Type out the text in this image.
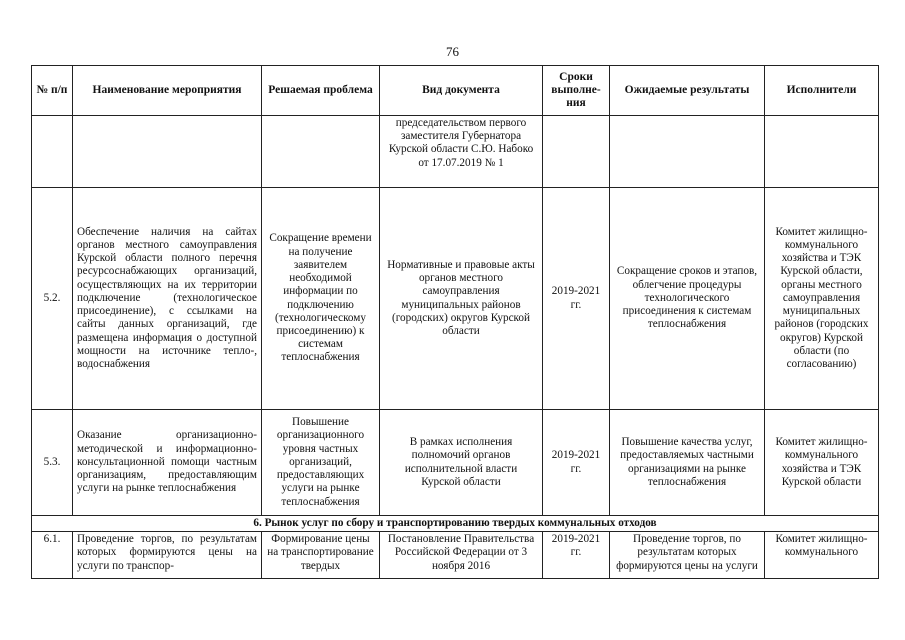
76
№ п/п	Наименование мероприятия	Решаемая проблема	Вид документа	Сроки выполне-ния	Ожидаемые результаты	Исполнители
			председательством первого заместителя Губернатора Курской области С.Ю. Набоко от 17.07.2019 № 1			
5.2.	Обеспечение наличия на сайтах органов местного самоуправления Курской области полного перечня ресурсоснабжающих организаций, осуществляющих на их территории подключение (технологическое присоединение), с ссылками на сайты данных организаций, где размещена информация о доступной мощности на источнике тепло-, водоснабжения	Сокращение времени на получение заявителем необходимой информации по подключению (технологическому присоединению) к системам теплоснабжения	Нормативные и правовые акты органов местного самоуправления муниципальных районов (городских) округов Курской области	2019-2021 гг.	Сокращение сроков и этапов, облегчение процедуры технологического присоединения к системам теплоснабжения	Комитет жилищно-коммунального хозяйства и ТЭК Курской области, органы местного самоуправления муниципальных районов (городских округов) Курской области (по согласованию)
5.3.	Оказание организационно-методической и информационно-консультационной помощи частным организациям, предоставляющим услуги на рынке теплоснабжения	Повышение организационного уровня частных организаций, предоставляющих услуги на рынке теплоснабжения	В рамках исполнения полномочий органов исполнительной власти Курской области	2019-2021 гг.	Повышение качества услуг, предоставляемых частными организациями на рынке теплоснабжения	Комитет жилищно-коммунального хозяйства и ТЭК Курской области
6. Рынок услуг по сбору и транспортированию твердых коммунальных отходов						
6.1.	Проведение торгов, по результатам которых формируются цены на услуги по транспор-	Формирование цены на транспортирование твердых	Постановление Правительства Российской Федерации от 3 ноября 2016	2019-2021 гг.	Проведение торгов, по результатам которых формируются цены на услуги	Комитет жилищно-коммунального
